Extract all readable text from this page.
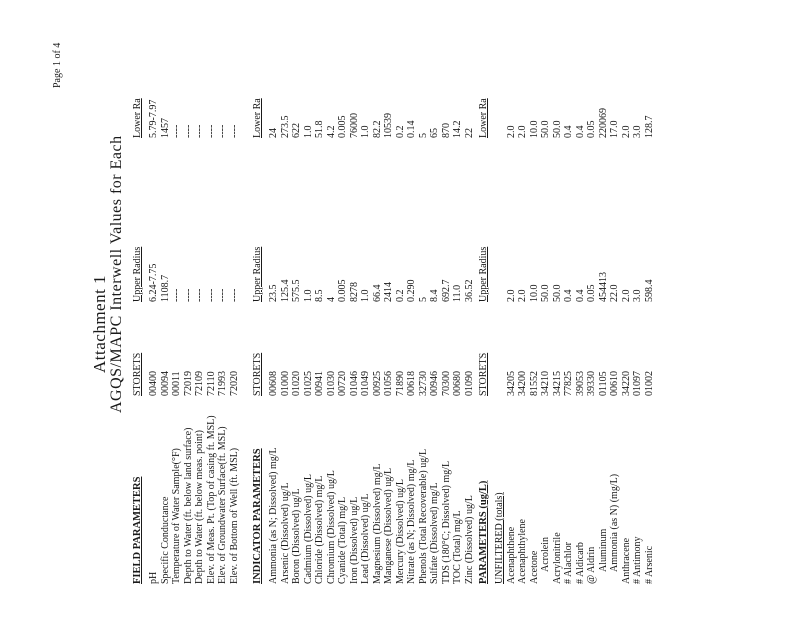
Page 1 of 4
Attachment 1 AGQS/MAPC Interwell Values for Each
FIELD PARAMETERS
STORETS
Upper Radius
Lower Ra
pH
00400
6.24-7.75
5.79-7.97
Specific Conductance
00094
1108.7
1457
Temperature of Water Sample(°F)
00011
----
----
Depth to Water (ft. below land surface)
72019
----
----
Depth to Water (ft. below meas. point)
72109
----
----
Elev. of Meas. Pt. (Top of casing ft. MSL)
72110
----
----
Elev. of Groundwater Surface(ft. MSL)
71993
----
----
Elev. of Bottom of Well (ft. MSL)
72020
----
----
INDICATOR PARAMETERS
STORETS
Upper Radius
Lower Ra
Ammonia (as N; Dissolved) mg/L
00608
23.5
24
Arsenic (Dissolved) ug/L
01000
125.4
273.5
Boron (Dissolved) ug/L
01020
575.5
622
Cadmium (Dissolved) ug/L
01025
1.0
1.0
Chloride (Dissolved) mg/L
00941
8.5
51.8
Chromium (Dissolved) ug/L
01030
4
4.2
Cyanide (Total) mg/L
00720
0.005
0.005
Iron (Dissolved) ug/L
01046
8278
76000
Lead (Dissolved) ug/L
01049
1.0
1.0
Magnesium (Dissolved) mg/L
00925
66.4
82.2
Manganese (Dissolved) ug/L
01056
2414
10539
Mercury (Dissolved) ug/L
71890
0.2
0.2
Nitrate (as N; Dissolved) mg/L
00618
0.290
0.14
Phenols (Total Recoverable) ug/L
32730
5
5
Sulfate (Dissolved) mg/L
00946
8.4
65
TDS (180°C; Dissolved) mg/L
70300
692.7
870
TOC (Total) mg/L
00680
11.0
14.2
Zinc (Dissolved) ug/L
01090
36.52
22
PARAMETERS (ug/L)
STORETS
Upper Radius
Lower Ra
UNFILTERED (totals) Acenaphthene
34205
2.0
2.0
Acenaphthylene
34200
2.0
2.0
Acetone
81552
10.0
10.0
Acrolein
34210
50.0
50.0
Acrylonitrile
34215
50.0
50.0
# Alachlor
77825
0.4
0.4
# Aldicarb
39053
0.4
0.4
@ Aldrin
39330
0.05
0.05
Aluminum
01105
454413
220069
Ammonia (as N) (mg/L)
00610
22.0
17.0
Anthracene
34220
2.0
2.0
# Antimony
01097
3.0
3.0
# Arsenic
01002
598.4
128.7
